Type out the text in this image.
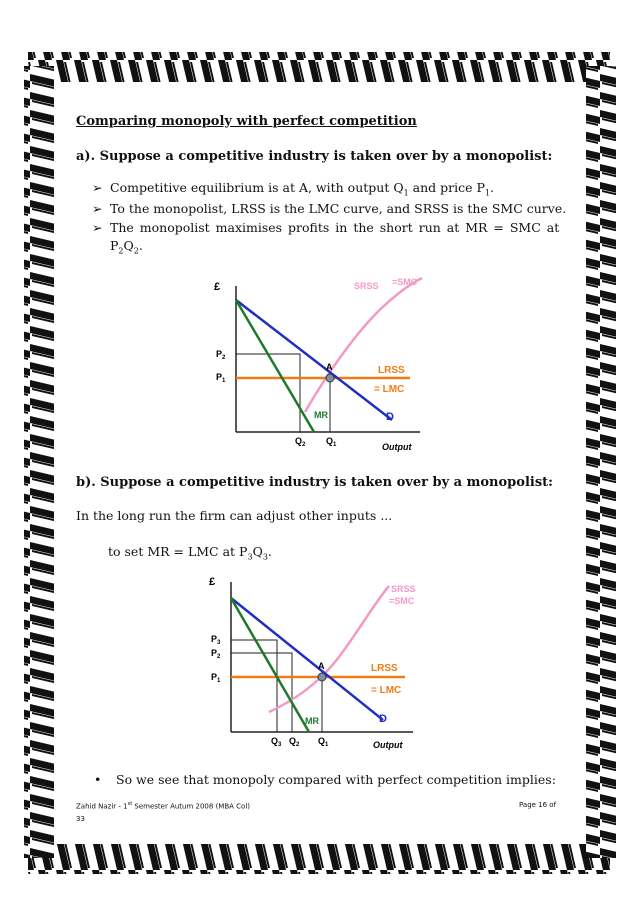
Comparing monopoly with perfect competition
a). Suppose a competitive industry is taken over by a monopolist:
➢ Competitive equilibrium is at A, with output $Q_1$ and price $P_1$.
➢ To the monopolist, LRSS is the LMC curve, and SRSS is the SMC curve.
➢ The monopolist maximises profits in the short run at MR = SMC at
$P_2Q_2$.
£
$P_2$
$P_1$
A
SRSS =SMC
LRSS
= LMC
MR	D
$Q_2$ $Q_1$	Output
b). Suppose a competitive industry is taken over by a monopolist:
In the long run the firm can adjust other inputs ...
to set MR = LMC at $P_3Q_3$.
£
$P_3$
$P_2$
$P_1$
A
SRSS
=SMC
LRSS
= LMC
MR	D
$Q_3$ $Q_2$ $Q_1$	Output
• So we see that monopoly compared with perfect competition implies:
Zahid Nazir - 1st Semester Autum 2008 (MBA Col)	Page 16 of
33
